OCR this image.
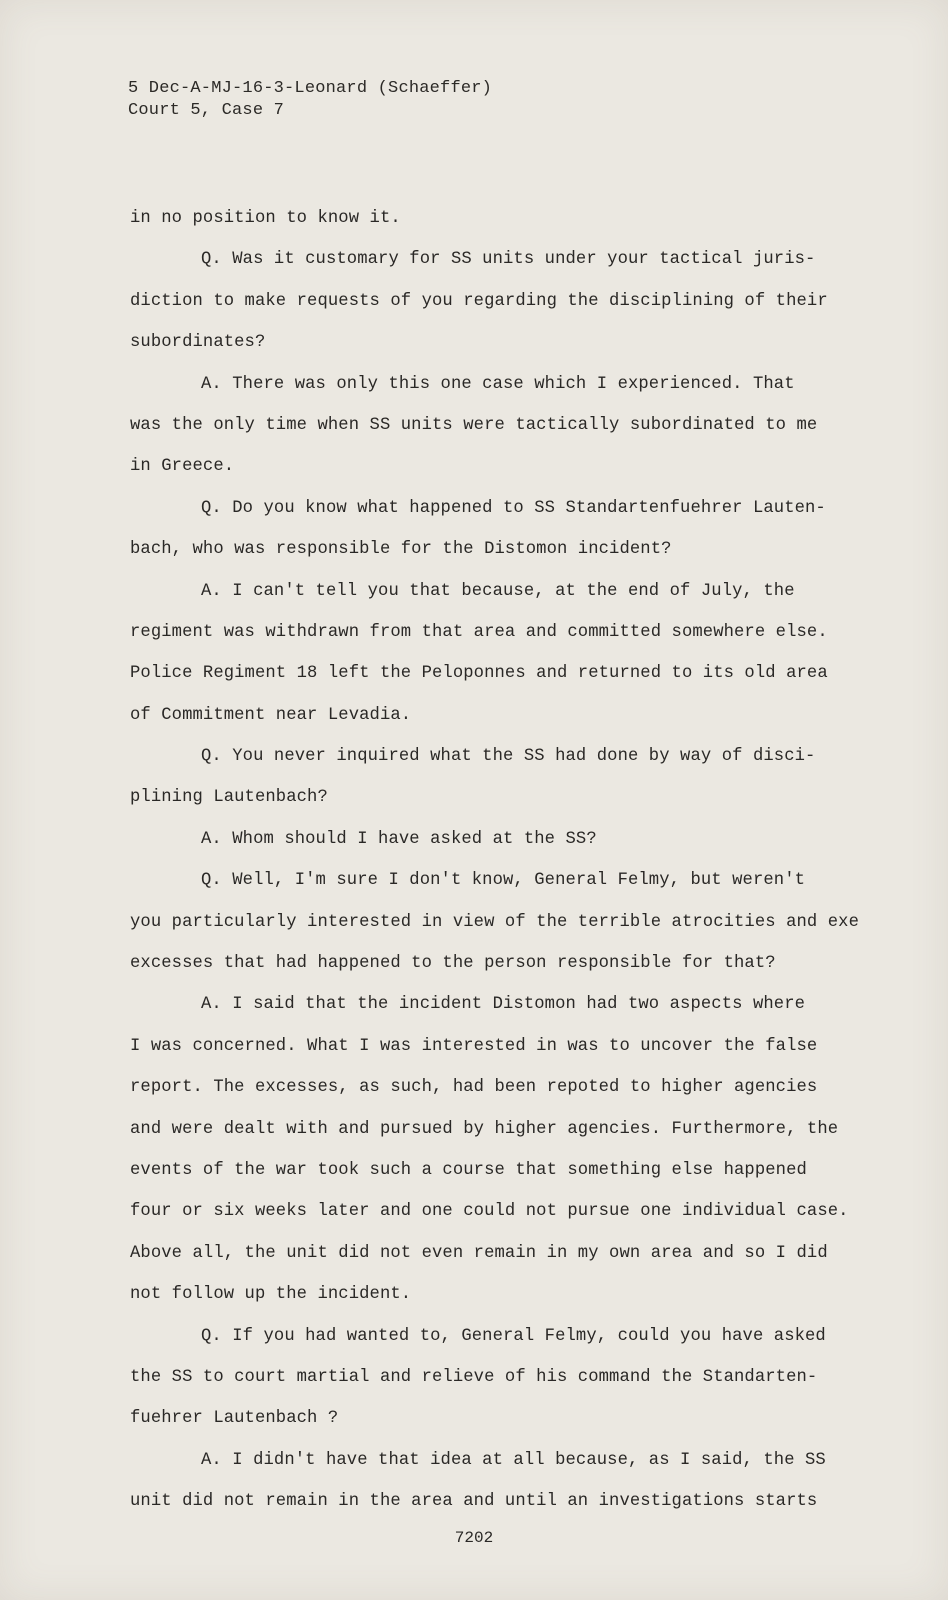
5 Dec-A-MJ-16-3-Leonard (Schaeffer)
Court 5, Case 7
in no position to know it.
Q. Was it customary for SS units under your tactical juris-
diction to make requests of you regarding the disciplining of their
subordinates?
A. There was only this one case which I experienced. That
was the only time when SS units were tactically subordinated to me
in Greece.
Q. Do you know what happened to SS Standartenfuehrer Lauten-
bach, who was responsible for the Distomon incident?
A. I can't tell you that because, at the end of July, the
regiment was withdrawn from that area and committed somewhere else.
Police Regiment 18 left the Peloponnes and returned to its old area
of Commitment near Levadia.
Q. You never inquired what the SS had done by way of disci-
plining Lautenbach?
A. Whom should I have asked at the SS?
Q. Well, I'm sure I don't know, General Felmy, but weren't
you particularly interested in view of the terrible atrocities and exe
excesses that had happened to the person responsible for that?
A. I said that the incident Distomon had two aspects where
I was concerned. What I was interested in was to uncover the false
report. The excesses, as such, had been repoted to higher agencies
and were dealt with and pursued by higher agencies. Furthermore, the
events of the war took such a course that something else happened
four or six weeks later and one could not pursue one individual case.
Above all, the unit did not even remain in my own area and so I did
not follow up the incident.
Q. If you had wanted to, General Felmy, could you have asked
the SS to court martial and relieve of his command the Standarten-
fuehrer Lautenbach ?
A. I didn't have that idea at all because, as I said, the SS
unit did not remain in the area and until an investigations starts
7202
